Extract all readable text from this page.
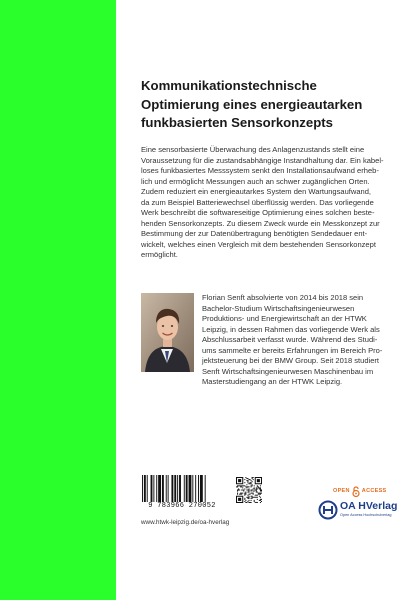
Kommunikationstechnische
Optimierung eines energieautarken
funkbasierten Sensorkonzepts
Eine sensorbasierte Überwachung des Anlagenzustands stellt eine
Voraussetzung für die zustandsabhängige Instandhaltung dar. Ein kabel-
loses funkbasiertes Messsystem senkt den Installationsaufwand erheb-
lich und ermöglicht Messungen auch an schwer zugänglichen Orten.
Zudem reduziert ein energieautarkes System den Wartungsaufwand,
da zum Beispiel Batteriewechsel überflüssig werden. Das vorliegende
Werk beschreibt die softwareseitige Optimierung eines solchen beste-
henden Sensorkonzepts. Zu diesem Zweck wurde ein Messkonzept zur
Bestimmung der zur Datenübertragung benötigten Sendedauer ent-
wickelt, welches einen Vergleich mit dem bestehenden Sensorkonzept
ermöglicht.
Florian Senft absolvierte von 2014 bis 2018 sein
Bachelor-Studium Wirtschaftsingenieurwesen
Produktions- und Energiewirtschaft an der HTWK
Leipzig, in dessen Rahmen das vorliegende Werk als
Abschlussarbeit verfasst wurde. Während des Studi-
ums sammelte er bereits Erfahrungen im Bereich Pro-
jektsteuerung bei der BMW Group. Seit 2018 studiert
Senft Wirtschaftsingenieurwesen Maschinenbau im
Masterstudiengang an der HTWK Leipzig.
9 783966 270052
www.htwk-leipzig.de/oa-hverlag
OPEN ACCESS
OA HVerlag
Open Access Hochschulverlag
